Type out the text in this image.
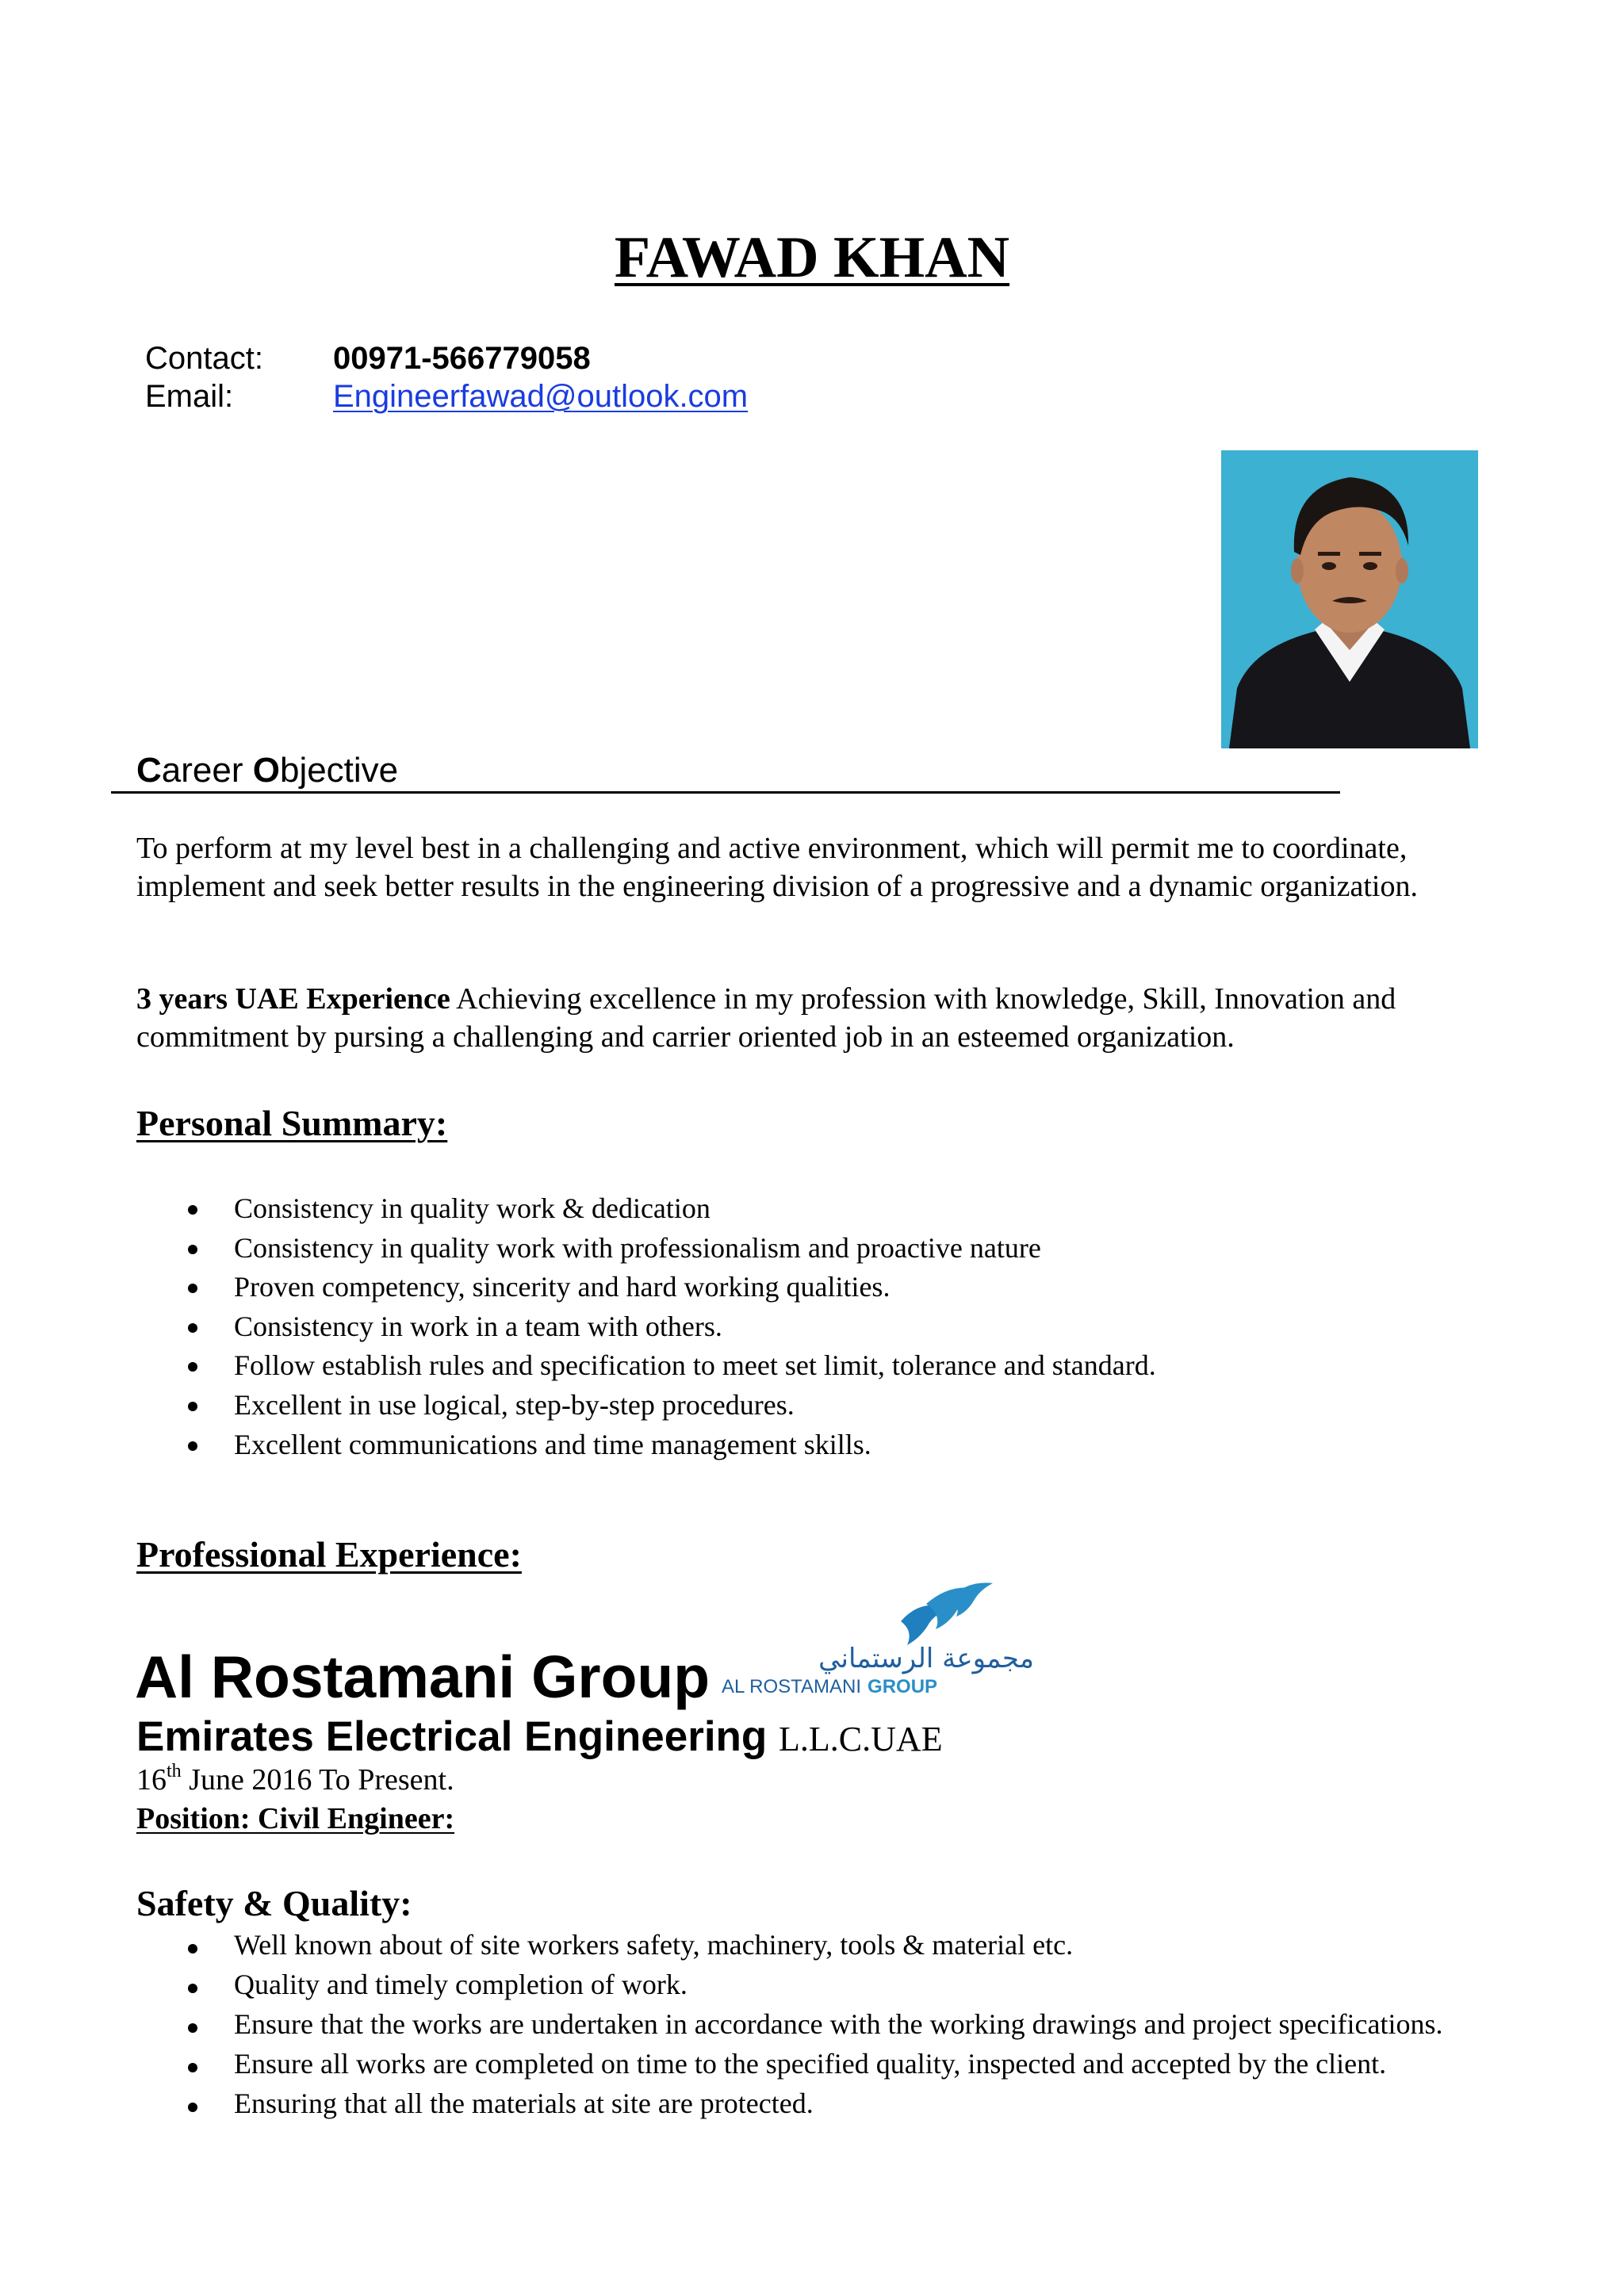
FAWAD KHAN
Contact: 00971-566779058
Email:	Engineerfawad@outlook.com
Career Objective
To perform at my level best in a challenging and active environment, which will permit me to coordinate, implement and seek better results in the engineering division of a progressive and a dynamic organization.
3 years UAE Experience Achieving excellence in my profession with knowledge, Skill, Innovation and commitment by pursing a challenging and carrier oriented job in an esteemed organization.
Personal Summary:
Consistency in quality work & dedication
Consistency in quality work with professionalism and proactive nature
Proven competency, sincerity and hard working qualities.
Consistency in work in a team with others.
Follow establish rules and specification to meet set limit, tolerance and standard.
Excellent in use logical, step-by-step procedures.
Excellent communications and time management skills.
Professional Experience:
Al Rostamani Group	مجموعة الرستماني
AL ROSTAMANI GROUP
Emirates Electrical Engineering L.L.C.UAE
16th June 2016 To Present.
Position: Civil Engineer:
Safety & Quality:
Well known about of site workers safety, machinery, tools & material etc.
Quality and timely completion of work.
Ensure that the works are undertaken in accordance with the working drawings and project specifications.
Ensure all works are completed on time to the specified quality, inspected and accepted by the client.
Ensuring that all the materials at site are protected.
